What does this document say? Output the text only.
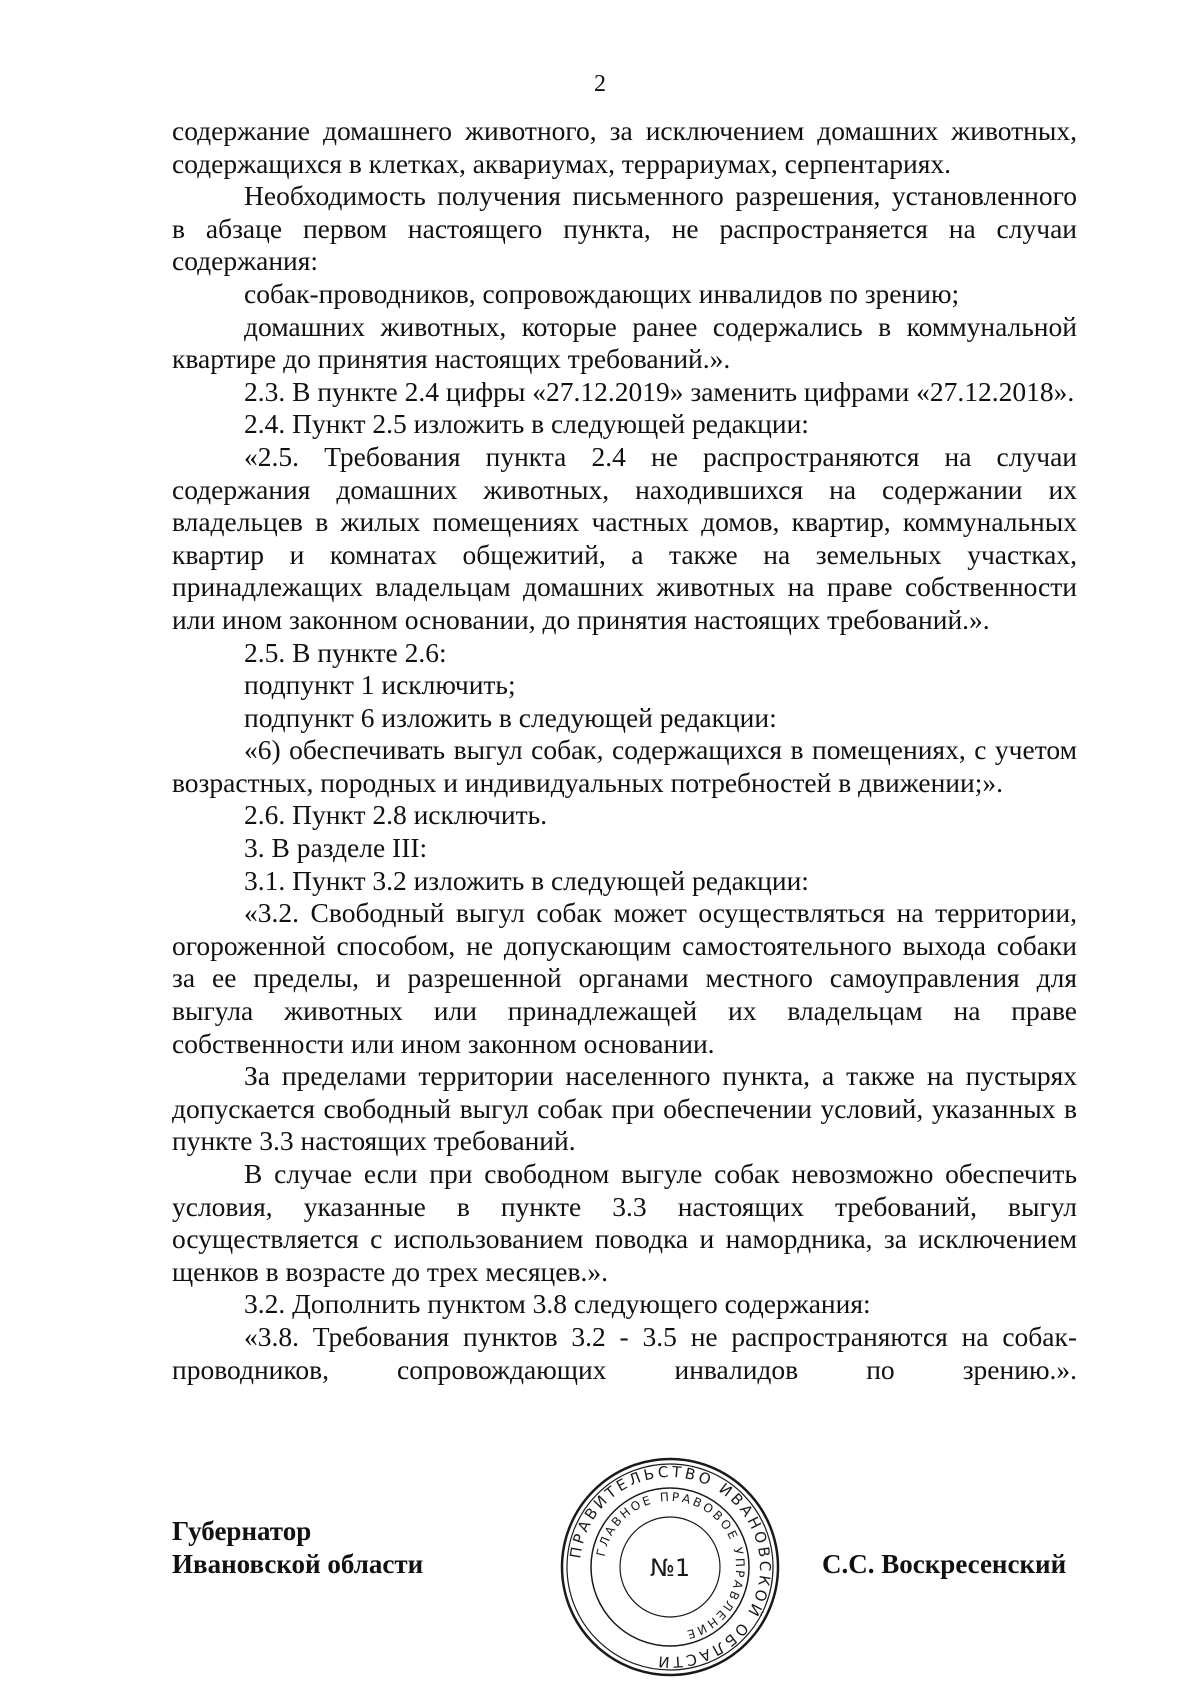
2

содержание домашнего животного, за исключением домашних животных, содержащихся в клетках, аквариумах, террариумах, серпентариях.

Необходимость получения письменного разрешения, установленного в абзаце первом настоящего пункта, не распространяется на случаи содержания:

собак-проводников, сопровождающих инвалидов по зрению;

домашних животных, которые ранее содержались в коммунальной квартире до принятия настоящих требований.».

2.3. В пункте 2.4 цифры «27.12.2019» заменить цифрами «27.12.2018».

2.4. Пункт 2.5 изложить в следующей редакции:

«2.5. Требования пункта 2.4 не распространяются на случаи содержания домашних животных, находившихся на содержании их владельцев в жилых помещениях частных домов, квартир, коммунальных квартир и комнатах общежитий, а также на земельных участках, принадлежащих владельцам домашних животных на праве собственности или ином законном основании, до принятия настоящих требований.».

2.5. В пункте 2.6:

подпункт 1 исключить;

подпункт 6 изложить в следующей редакции:

«6) обеспечивать выгул собак, содержащихся в помещениях, с учетом возрастных, породных и индивидуальных потребностей в движении;».

2.6. Пункт 2.8 исключить.

3. В разделе III:

3.1. Пункт 3.2 изложить в следующей редакции:

«3.2. Свободный выгул собак может осуществляться на территории, огороженной способом, не допускающим самостоятельного выхода собаки за ее пределы, и разрешенной органами местного самоуправления для выгула животных или принадлежащей их владельцам на праве собственности или ином законном основании.

За пределами территории населенного пункта, а также на пустырях допускается свободный выгул собак при обеспечении условий, указанных в пункте 3.3 настоящих требований.

В случае если при свободном выгуле собак невозможно обеспечить условия, указанные в пункте 3.3 настоящих требований, выгул осуществляется с использованием поводка и намордника, за исключением щенков в возрасте до трех месяцев.».

3.2. Дополнить пунктом 3.8 следующего содержания:

«3.8. Требования пунктов 3.2 - 3.5 не распространяются на собак-проводников, сопровождающих инвалидов по зрению.».

Губернатор
Ивановской области	ПРАВИТЕЛЬСТВО ИВАНОВСКОЙ ОБЛАСТИ
ГЛАВНОЕ ПРАВОВОЕ УПРАВЛЕНИЕ
№1	С.С. Воскресенский
